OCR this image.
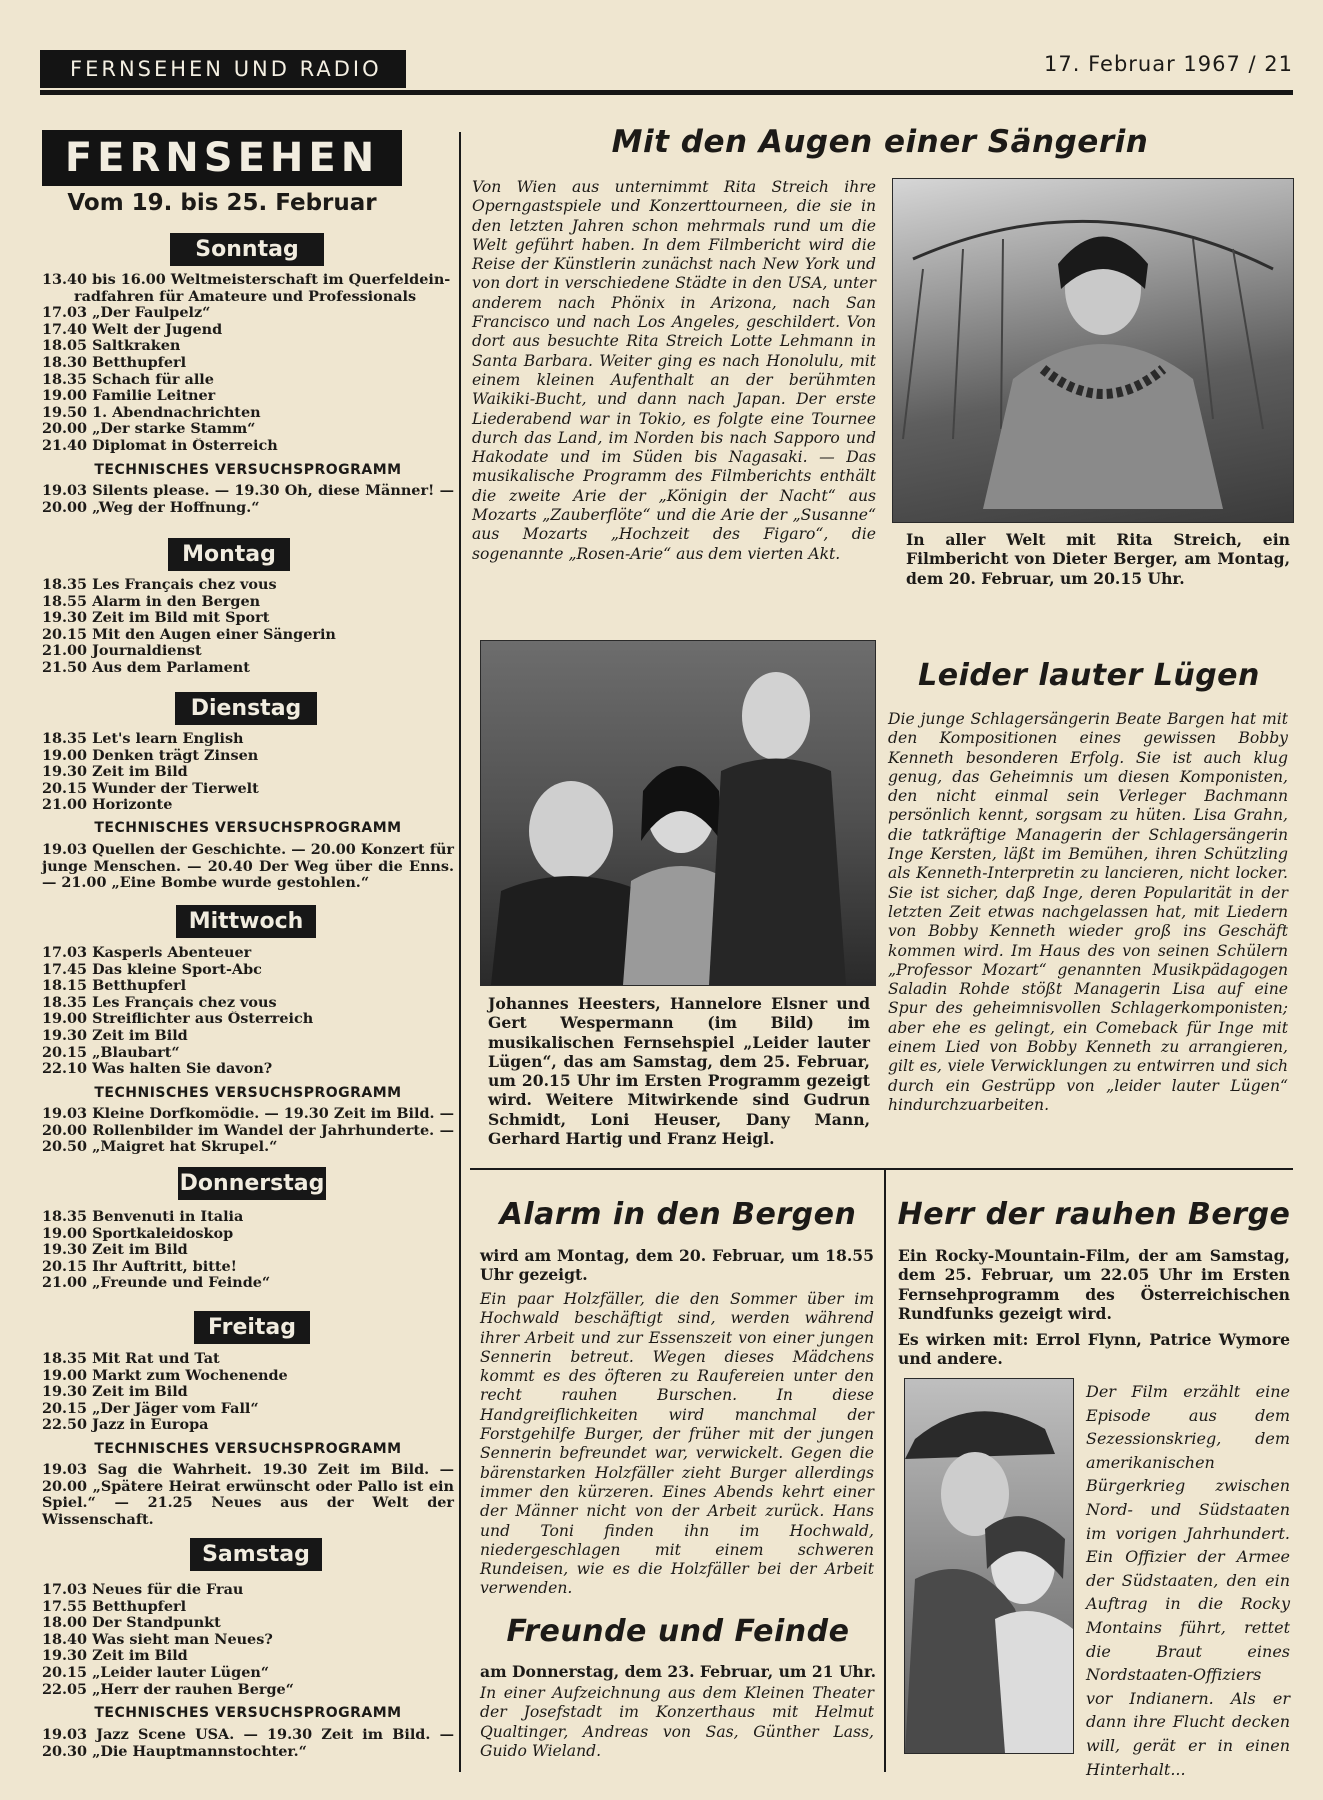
FERNSEHEN UND RADIO	17. Februar 1967 / 21
FERNSEHEN
Vom 19. bis 25. Februar
Sonntag
13.40 bis 16.00 Weltmeisterschaft im Querfeldein-
radfahren für Amateure und Professionals
17.03 „Der Faulpelz“
17.40 Welt der Jugend
18.05 Saltkraken
18.30 Betthupferl
18.35 Schach für alle
19.00 Familie Leitner
19.50 1. Abendnachrichten
20.00 „Der starke Stamm“
21.40 Diplomat in Österreich
TECHNISCHES VERSUCHSPROGRAMM
19.03 Silents please. — 19.30 Oh, diese Männer! — 20.00 „Weg der Hoffnung.“
Montag
18.35 Les Français chez vous
18.55 Alarm in den Bergen
19.30 Zeit im Bild mit Sport
20.15 Mit den Augen einer Sängerin
21.00 Journaldienst
21.50 Aus dem Parlament
Dienstag
18.35 Let's learn English
19.00 Denken trägt Zinsen
19.30 Zeit im Bild
20.15 Wunder der Tierwelt
21.00 Horizonte
TECHNISCHES VERSUCHSPROGRAMM
19.03 Quellen der Geschichte. — 20.00 Konzert für junge Menschen. — 20.40 Der Weg über die Enns. — 21.00 „Eine Bombe wurde gestohlen.“
Mittwoch
17.03 Kasperls Abenteuer
17.45 Das kleine Sport-Abc
18.15 Betthupferl
18.35 Les Français chez vous
19.00 Streiflichter aus Österreich
19.30 Zeit im Bild
20.15 „Blaubart“
22.10 Was halten Sie davon?
TECHNISCHES VERSUCHSPROGRAMM
19.03 Kleine Dorfkomödie. — 19.30 Zeit im Bild. — 20.00 Rollenbilder im Wandel der Jahrhunderte. — 20.50 „Maigret hat Skrupel.“
Donnerstag
18.35 Benvenuti in Italia
19.00 Sportkaleidoskop
19.30 Zeit im Bild
20.15 Ihr Auftritt, bitte!
21.00 „Freunde und Feinde“
Freitag
18.35 Mit Rat und Tat
19.00 Markt zum Wochenende
19.30 Zeit im Bild
20.15 „Der Jäger vom Fall“
22.50 Jazz in Europa
TECHNISCHES VERSUCHSPROGRAMM
19.03 Sag die Wahrheit. 19.30 Zeit im Bild. — 20.00 „Spätere Heirat erwünscht oder Pallo ist ein Spiel.“ — 21.25 Neues aus der Welt der Wissenschaft.
Samstag
17.03 Neues für die Frau
17.55 Betthupferl
18.00 Der Standpunkt
18.40 Was sieht man Neues?
19.30 Zeit im Bild
20.15 „Leider lauter Lügen“
22.05 „Herr der rauhen Berge“
TECHNISCHES VERSUCHSPROGRAMM
19.03 Jazz Scene USA. — 19.30 Zeit im Bild. — 20.30 „Die Hauptmannstochter.“
Mit den Augen einer Sängerin
Von Wien aus unternimmt Rita Streich ihre Operngastspiele und Konzerttourneen, die sie in den letzten Jahren schon mehrmals rund um die Welt geführt haben. In dem Filmbericht wird die Reise der Künstlerin zunächst nach New York und von dort in verschiedene Städte in den USA, unter anderem nach Phönix in Arizona, nach San Francisco und nach Los Angeles, geschildert. Von dort aus besuchte Rita Streich Lotte Lehmann in Santa Barbara. Weiter ging es nach Honolulu, mit einem kleinen Aufenthalt an der berühmten Waikiki-Bucht, und dann nach Japan. Der erste Liederabend war in Tokio, es folgte eine Tournee durch das Land, im Norden bis nach Sapporo und Hakodate und im Süden bis Nagasaki. — Das musikalische Programm des Filmberichts enthält die zweite Arie der „Königin der Nacht“ aus Mozarts „Zauberflöte“ und die Arie der „Susanne“ aus Mozarts „Hochzeit des Figaro“, die sogenannte „Rosen-Arie“ aus dem vierten Akt.
In aller Welt mit Rita Streich, ein Filmbericht von Dieter Berger, am Montag, dem 20. Februar, um 20.15 Uhr.
Johannes Heesters, Hannelore Elsner und Gert Wespermann (im Bild) im musikalischen Fernsehspiel „Leider lauter Lügen“, das am Samstag, dem 25. Februar, um 20.15 Uhr im Ersten Programm gezeigt wird. Weitere Mitwirkende sind Gudrun Schmidt, Loni Heuser, Dany Mann, Gerhard Hartig und Franz Heigl.
Leider lauter Lügen
Die junge Schlagersängerin Beate Bargen hat mit den Kompositionen eines gewissen Bobby Kenneth besonderen Erfolg. Sie ist auch klug genug, das Geheimnis um diesen Komponisten, den nicht einmal sein Verleger Bachmann persönlich kennt, sorgsam zu hüten. Lisa Grahn, die tatkräftige Managerin der Schlagersängerin Inge Kersten, läßt im Bemühen, ihren Schützling als Kenneth-Interpretin zu lancieren, nicht locker. Sie ist sicher, daß Inge, deren Popularität in der letzten Zeit etwas nachgelassen hat, mit Liedern von Bobby Kenneth wieder groß ins Geschäft kommen wird. Im Haus des von seinen Schülern „Professor Mozart“ genannten Musikpädagogen Saladin Rohde stößt Managerin Lisa auf eine Spur des geheimnisvollen Schlagerkomponisten; aber ehe es gelingt, ein Comeback für Inge mit einem Lied von Bobby Kenneth zu arrangieren, gilt es, viele Verwicklungen zu entwirren und sich durch ein Gestrüpp von „leider lauter Lügen“ hindurchzuarbeiten.
Alarm in den Bergen
wird am Montag, dem 20. Februar, um 18.55 Uhr gezeigt.
Ein paar Holzfäller, die den Sommer über im Hochwald beschäftigt sind, werden während ihrer Arbeit und zur Essenszeit von einer jungen Sennerin betreut. Wegen dieses Mädchens kommt es des öfteren zu Raufereien unter den recht rauhen Burschen. In diese Handgreiflichkeiten wird manchmal der Forstgehilfe Burger, der früher mit der jungen Sennerin befreundet war, verwickelt. Gegen die bärenstarken Holzfäller zieht Burger allerdings immer den kürzeren. Eines Abends kehrt einer der Männer nicht von der Arbeit zurück. Hans und Toni finden ihn im Hochwald, niedergeschlagen mit einem schweren Rundeisen, wie es die Holzfäller bei der Arbeit verwenden.
Freunde und Feinde
am Donnerstag, dem 23. Februar, um 21 Uhr.
In einer Aufzeichnung aus dem Kleinen Theater der Josefstadt im Konzerthaus mit Helmut Qualtinger, Andreas von Sas, Günther Lass, Guido Wieland.
Herr der rauhen Berge
Ein Rocky-Mountain-Film, der am Samstag, dem 25. Februar, um 22.05 Uhr im Ersten Fernsehprogramm des Österreichischen Rundfunks gezeigt wird.
Es wirken mit: Errol Flynn, Patrice Wymore und andere.
Der Film erzählt eine Episode aus dem Sezessionskrieg, dem amerikanischen Bürgerkrieg zwischen Nord- und Südstaaten im vorigen Jahrhundert. Ein Offizier der Armee der Südstaaten, den ein Auftrag in die Rocky Montains führt, rettet die Braut eines Nordstaaten-Offiziers vor Indianern. Als er dann ihre Flucht decken will, gerät er in einen Hinterhalt...
